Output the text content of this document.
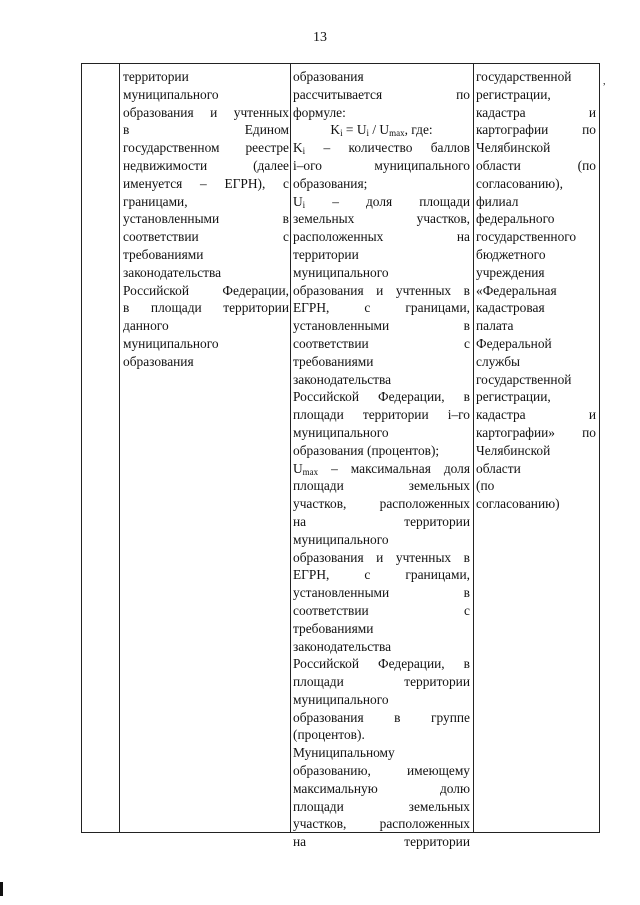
13
,
территории
муниципального
образования и учтенных
в Едином
государственном реестре
недвижимости (далее
именуется – ЕГРН), с
границами,
установленными в
соответствии с
требованиями
законодательства
Российской Федерации,
в площади территории
данного
муниципального
образования
образования
рассчитывается по
формуле:
$K_i = U_i / U_{max}$, где:
$K_i$ – количество баллов
i–ого муниципального
образования;
$U_i$ – доля площади
земельных участков,
расположенных на
территории
муниципального
образования и учтенных в
ЕГРН, с границами,
установленными в
соответствии с
требованиями
законодательства
Российской Федерации, в
площади территории i–го
муниципального
образования (процентов);
$U_{max}$ – максимальная доля
площади земельных
участков, расположенных
на территории
муниципального
образования и учтенных в
ЕГРН, с границами,
установленными в
соответствии с
требованиями
законодательства
Российской Федерации, в
площади территории
муниципального
образования в группе
(процентов).
Муниципальному
образованию, имеющему
максимальную долю
площади земельных
участков, расположенных
на территории
государственной
регистрации,
кадастра и
картографии по
Челябинской
области (по
согласованию),
филиал
федерального
государственного
бюджетного
учреждения
«Федеральная
кадастровая
палата
Федеральной
службы
государственной
регистрации,
кадастра и
картографии» по
Челябинской
области
(по
согласованию)
